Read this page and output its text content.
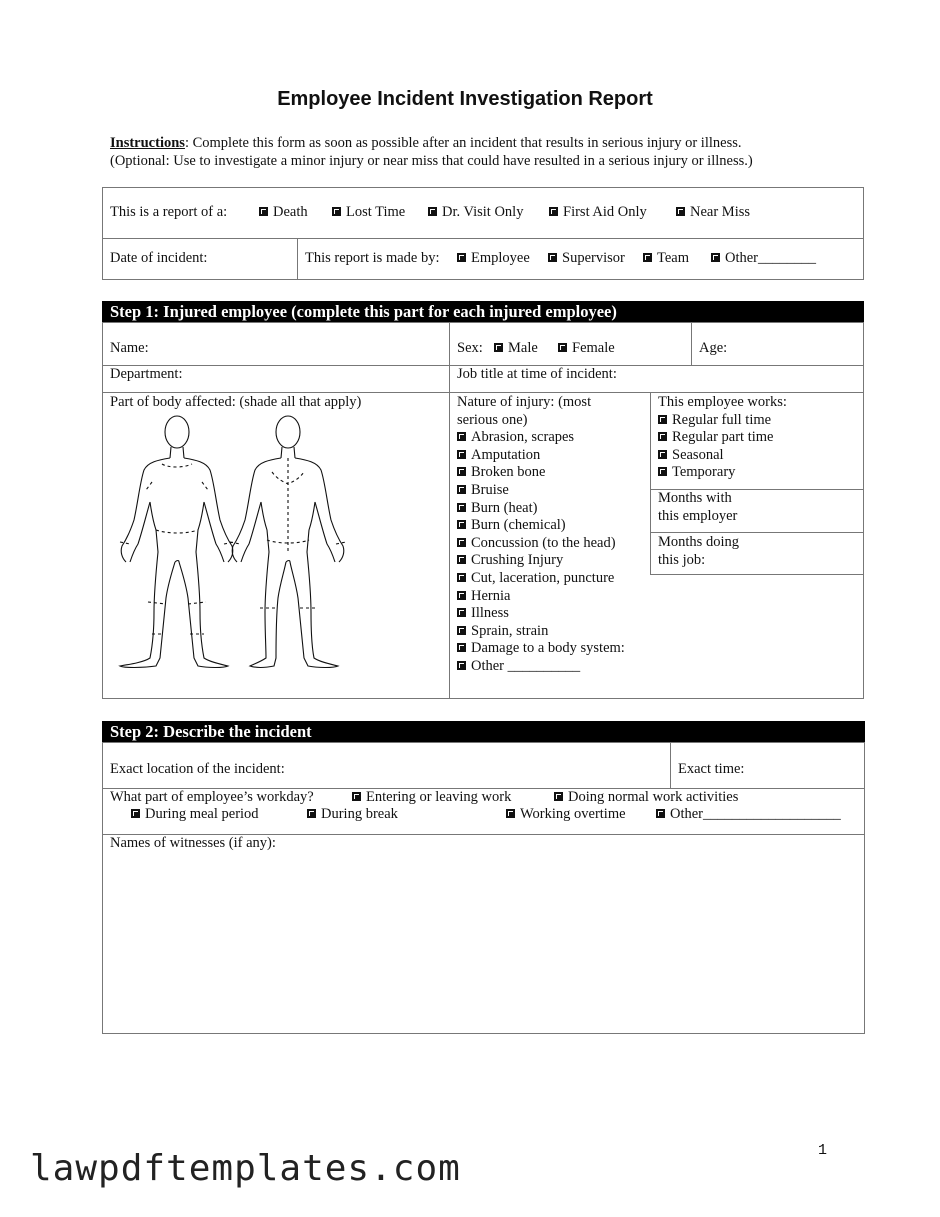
Employee Incident Investigation Report
Instructions: Complete this form as soon as possible after an incident that results in serious injury or illness.
(Optional: Use to investigate a minor injury or near miss that could have resulted in a serious injury or illness.)
This is a report of a:	Death	Lost Time	Dr. Visit Only	First Aid Only	Near Miss
Date of incident:	This report is made by:	Employee	Supervisor	Team	Other________
Step 1: Injured employee (complete this part for each injured employee)
Name:	Sex:	Male	Female	Age:
Department:	Job title at time of incident:
Part of body affected: (shade all that apply)	Nature of injury: (most
serious one)
Abrasion, scrapes
Amputation
Broken bone
Bruise
Burn (heat)
Burn (chemical)
Concussion (to the head)
Crushing Injury
Cut, laceration, puncture
Hernia
Illness
Sprain, strain
Damage to a body system:
Other __________
This employee works:
Regular full time
Regular part time
Seasonal
Temporary
Months with
this employer
Months doing
this job:
Step 2: Describe the incident
Exact location of the incident:	Exact time:
What part of employee’s workday?	Entering or leaving work	Doing normal work activities
During meal period	During break	Working overtime	Other___________________
Names of witnesses (if any):
1
lawpdftemplates.com
